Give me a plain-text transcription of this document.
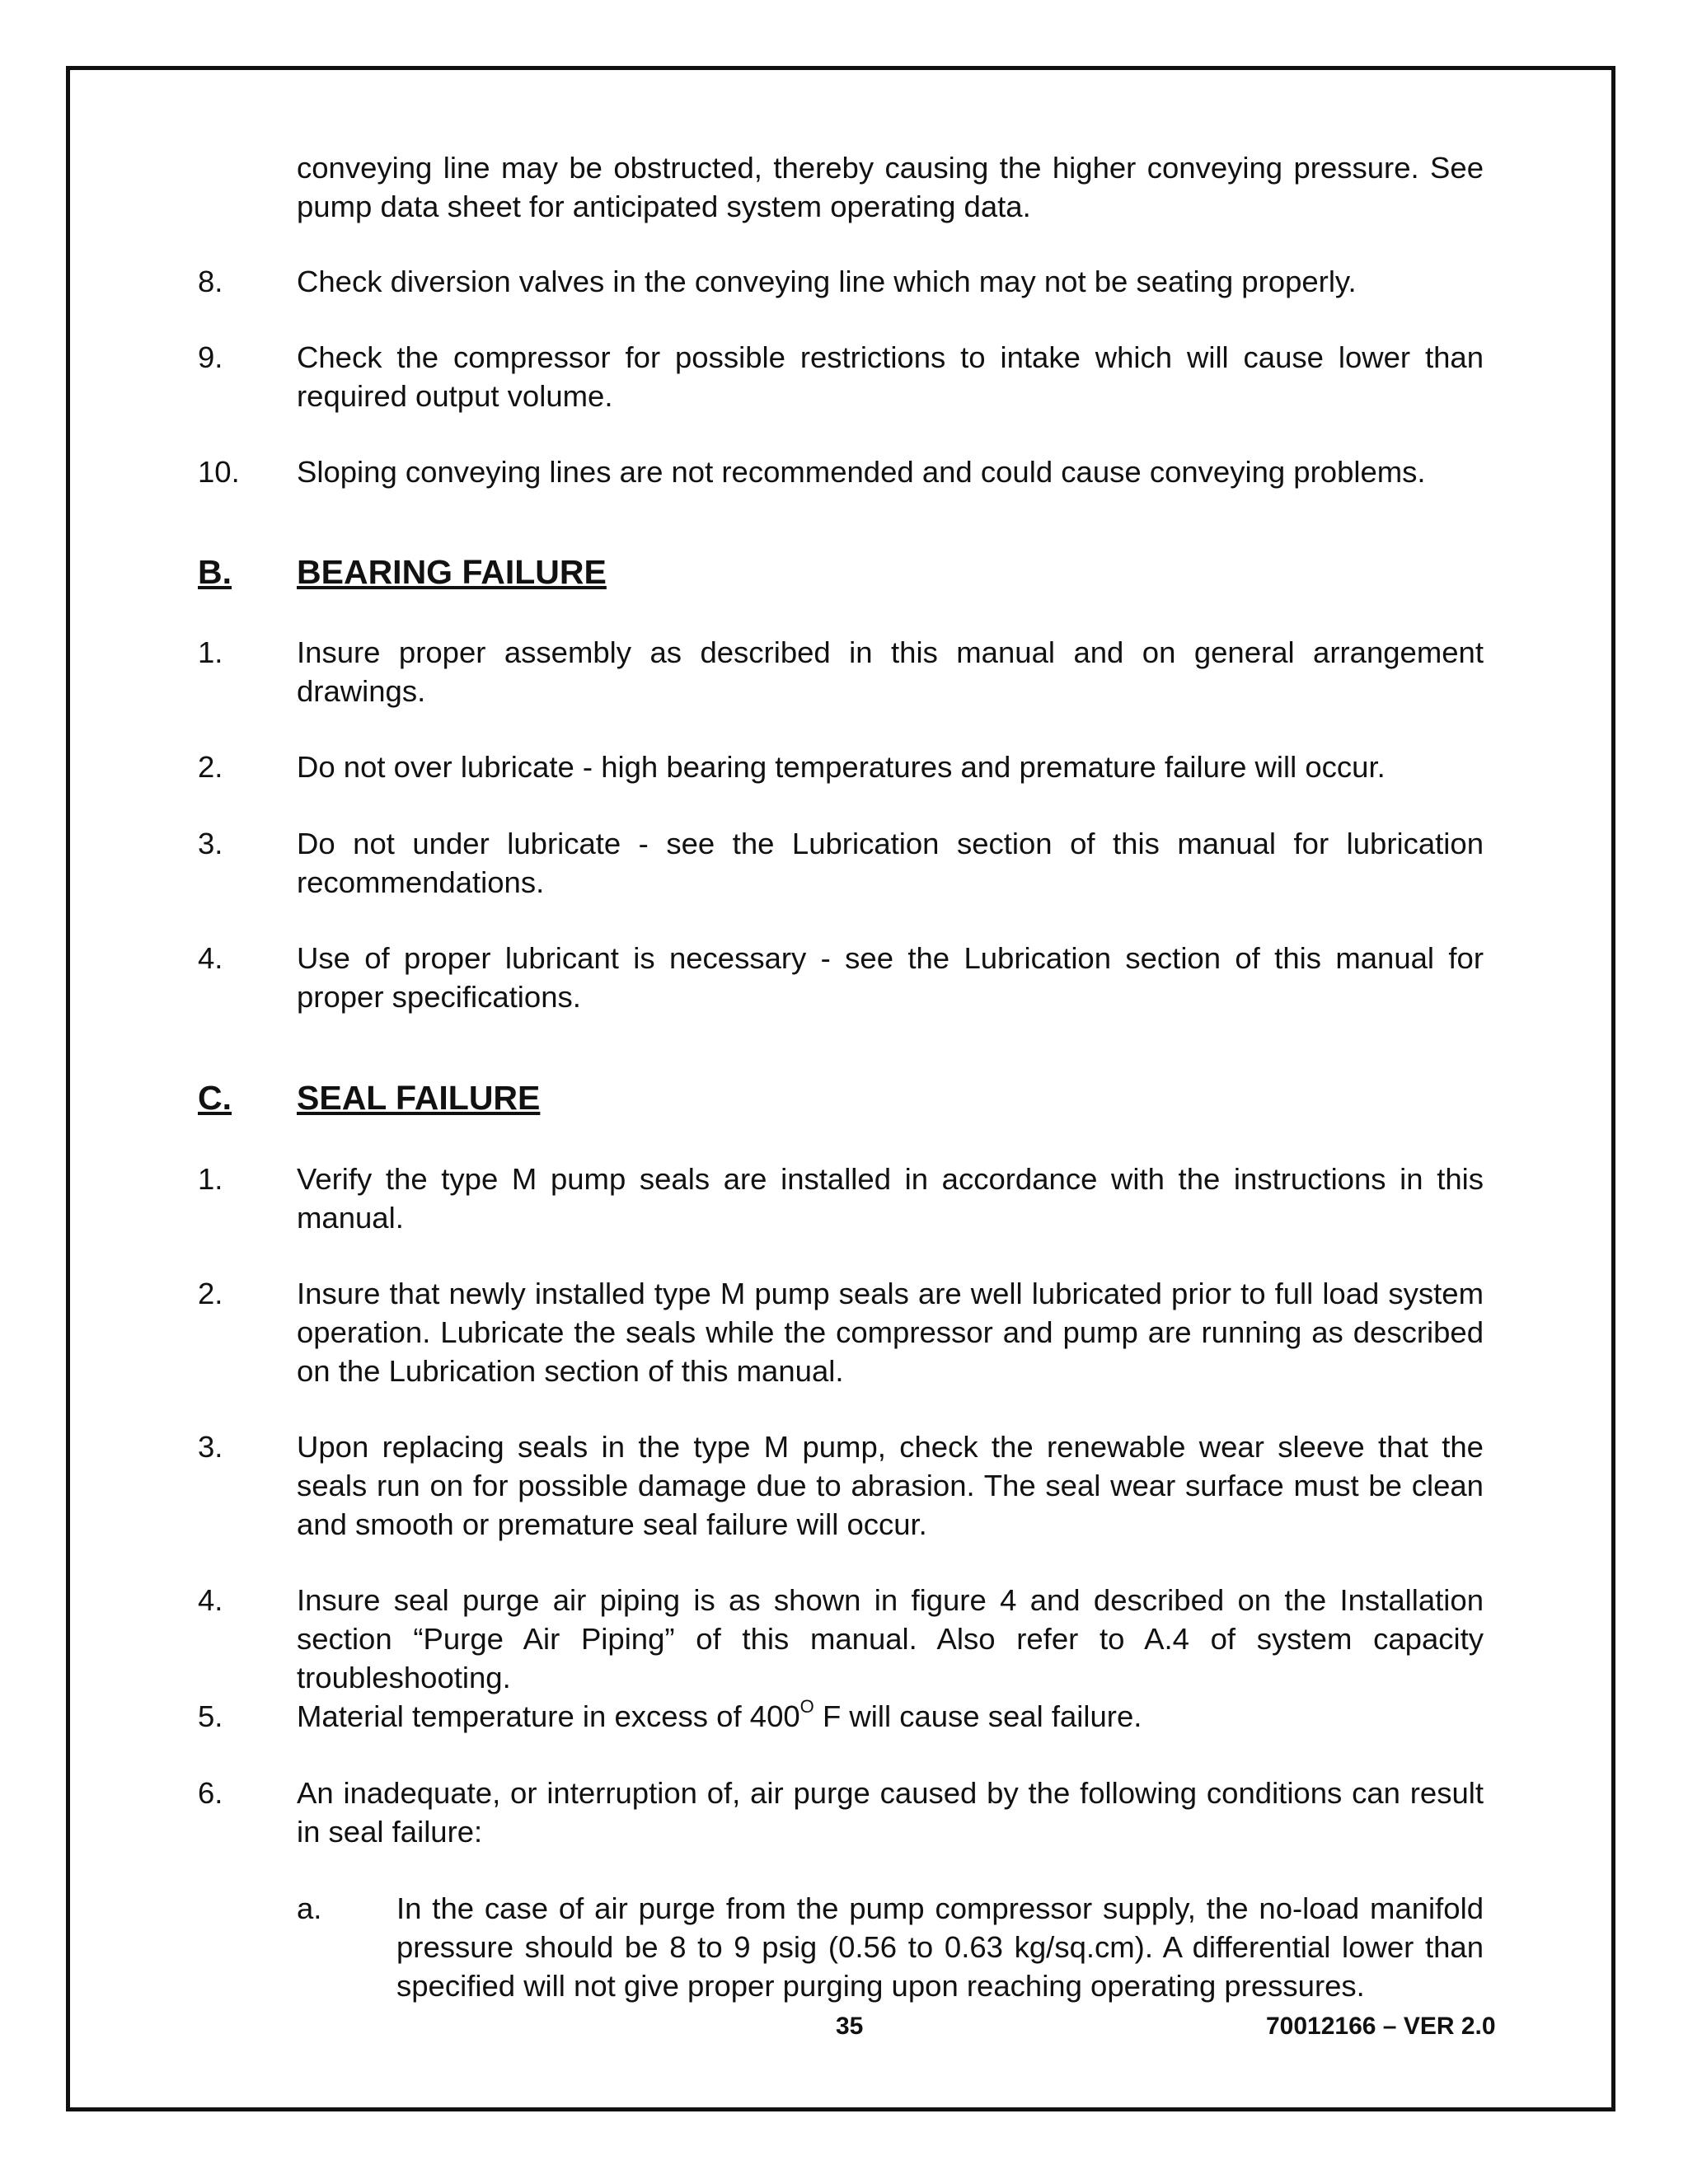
conveying line may be obstructed, thereby causing the higher conveying pressure. See pump data sheet for anticipated system operating data.
8. Check diversion valves in the conveying line which may not be seating properly.
9. Check the compressor for possible restrictions to intake which will cause lower than required output volume.
10. Sloping conveying lines are not recommended and could cause conveying problems.
B. BEARING FAILURE
1. Insure proper assembly as described in this manual and on general arrangement drawings.
2. Do not over lubricate - high bearing temperatures and premature failure will occur.
3. Do not under lubricate - see the Lubrication section of this manual for lubrication recommendations.
4. Use of proper lubricant is necessary - see the Lubrication section of this manual for proper specifications.
C. SEAL FAILURE
1. Verify the type M pump seals are installed in accordance with the instructions in this manual.
2. Insure that newly installed type M pump seals are well lubricated prior to full load system operation. Lubricate the seals while the compressor and pump are running as described on the Lubrication section of this manual.
3. Upon replacing seals in the type M pump, check the renewable wear sleeve that the seals run on for possible damage due to abrasion. The seal wear surface must be clean and smooth or premature seal failure will occur.
4. Insure seal purge air piping is as shown in figure 4 and described on the Installation section “Purge Air Piping” of this manual. Also refer to A.4 of system capacity troubleshooting.
5. Material temperature in excess of $400^O$ F will cause seal failure.
6. An inadequate, or interruption of, air purge caused by the following conditions can result in seal failure:
a. In the case of air purge from the pump compressor supply, the no-load manifold pressure should be 8 to 9 psig (0.56 to 0.63 kg/sq.cm). A differential lower than specified will not give proper purging upon reaching operating pressures.
35	70012166 – VER 2.0
